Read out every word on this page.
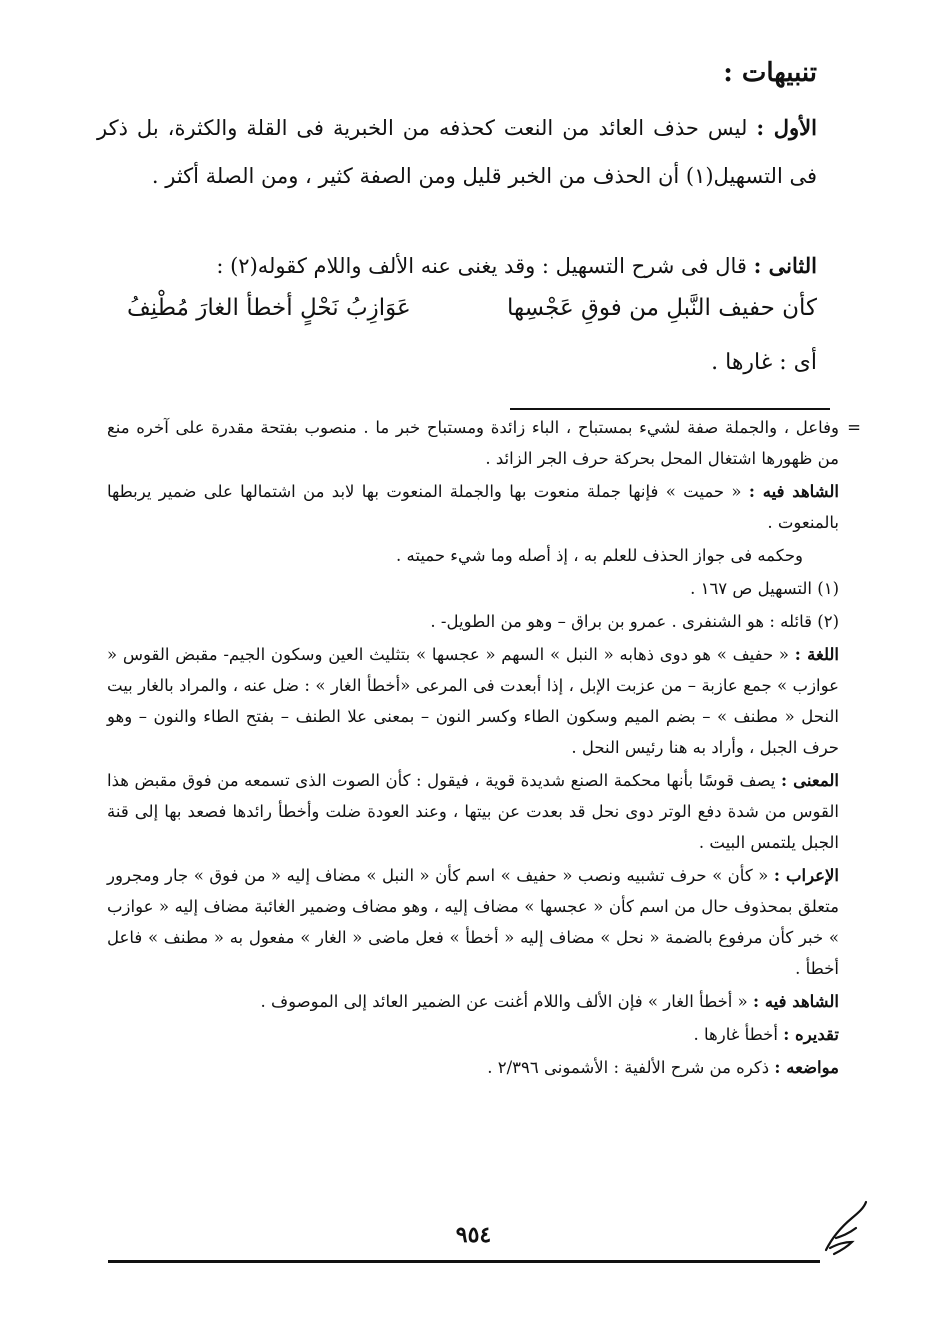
تنبيهات :

الأول : ليس حذف العائد من النعت كحذفه من الخبرية فى القلة والكثرة، بل ذكر فى التسهيل(١) أن الحذف من الخبر قليل ومن الصفة كثير ، ومن الصلة أكثر .

الثانى : قال فى شرح التسهيل : وقد يغنى عنه الألف واللام كقوله(٢) :

كأن حفيف النَّبلِ من فوقِ عَجْسِها
عَوَازِبُ نَحْلٍ أخطأ الغارَ مُطْنِفُ
أى : غارها .

=
وفاعل ، والجملة صفة لشيء بمستباح ، الباء زائدة ومستباح خبر ما . منصوب بفتحة مقدرة على آخره منع من ظهورها اشتغال المحل بحركة حرف الجر الزائد .

الشاهد فيه : « حميت » فإنها جملة منعوت بها والجملة المنعوت بها لابد من اشتمالها على ضمير يربطها بالمنعوت .

وحكمه فى جواز الحذف للعلم به ، إذ أصله وما شيء حميته .

(١) التسهيل ص ١٦٧ .

(٢) قائله : هو الشنفرى . عمرو بن براق – وهو من الطويل- .

اللغة : « حفيف » هو دوى ذهابه « النبل » السهم « عجسها » بتثليث العين وسكون الجيم- مقبض القوس « عوازب » جمع عازبة – من عزبت الإبل ، إذا أبعدت فى المرعى «أخطأ الغار » : ضل عنه ، والمراد بالغار بيت النحل « مطنف » – بضم الميم وسكون الطاء وكسر النون – بمعنى علا الطنف – بفتح الطاء والنون – وهو حرف الجبل ، وأراد به هنا رئيس النحل .

المعنى : يصف قوسًا بأنها محكمة الصنع شديدة قوية ، فيقول : كأن الصوت الذى تسمعه من فوق مقبض هذا القوس من شدة دفع الوتر دوى نحل قد بعدت عن بيتها ، وعند العودة ضلت وأخطأ رائدها فصعد بها إلى قنة الجبل يلتمس البيت .

الإعراب : « كأن » حرف تشبيه ونصب « حفيف » اسم كأن « النبل » مضاف إليه « من فوق » جار ومجرور متعلق بمحذوف حال من اسم كأن « عجسها » مضاف إليه ، وهو مضاف وضمير الغائبة مضاف إليه « عوازب » خبر كأن مرفوع بالضمة « نحل » مضاف إليه « أخطأ » فعل ماضى « الغار » مفعول به « مطنف » فاعل أخطأ .

الشاهد فيه : « أخطأ الغار » فإن الألف واللام أغنت عن الضمير العائد إلى الموصوف .

تقديره : أخطأ غارها .

مواضعه : ذكره من شرح الألفية : الأشمونى ٢/٣٩٦ .

٩٥٤
